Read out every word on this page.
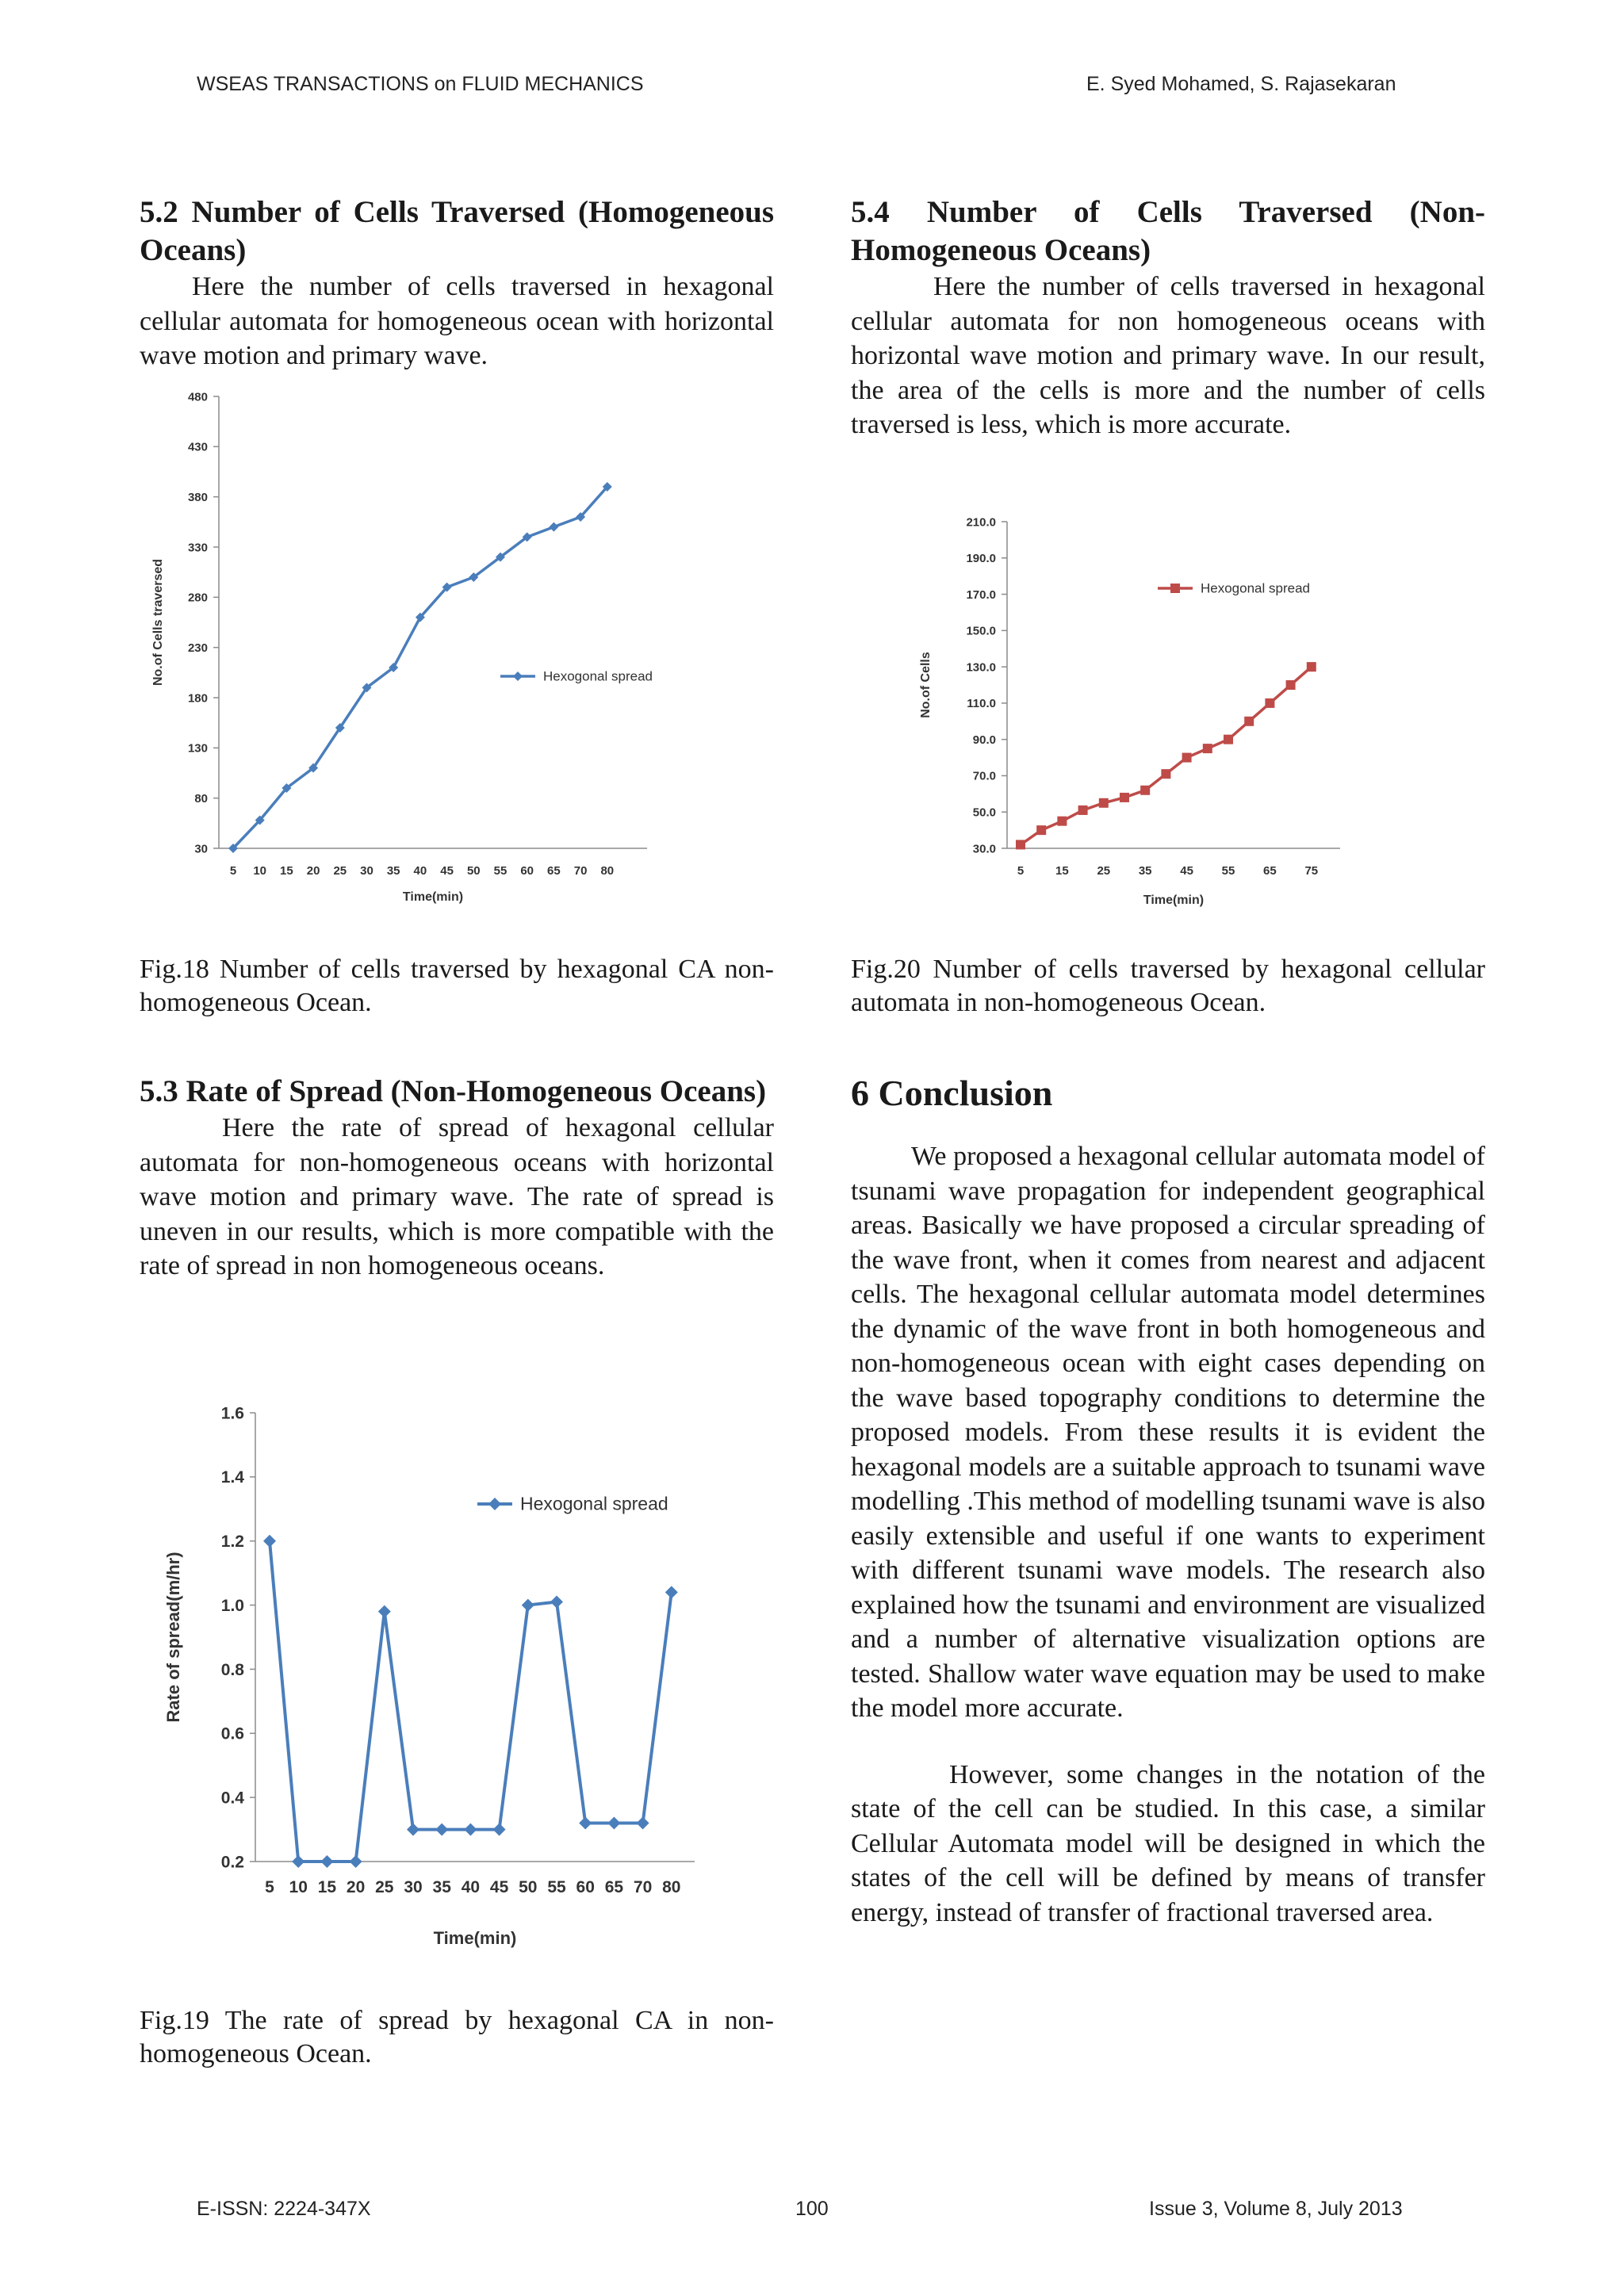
WSEAS TRANSACTIONS on FLUID MECHANICS	E. Syed Mohamed, S. Rajasekaran
5.2 Number of Cells Traversed (Homogeneous Oceans)

Here the number of cells traversed in hexagonal cellular automata for homogeneous ocean with horizontal wave motion and primary wave.

30
80
130
180
230
280
330
380
430
480
5 10 15 20 25 30 35 40 45 50 55 60 65 70 80
Time(min)
No.of Cells traversed	Hexogonal spread

Fig.18 Number of cells traversed by hexagonal CA non- homogeneous Ocean.

5.3 Rate of Spread (Non-Homogeneous Oceans)

Here the rate of spread of hexagonal cellular automata for non-homogeneous oceans with horizontal wave motion and primary wave. The rate of spread is uneven in our results, which is more compatible with the rate of spread in non homogeneous oceans.

0.2
0.4
0.6
0.8
1.0
1.2
1.4
1.6
5 10 15 20 25 30 35 40 45 50 55 60 65 70 80
Time(min)
Rate of spread(m/hr)
Hexogonal spread

Fig.19 The rate of spread by hexagonal CA in non-homogeneous Ocean.

5.4 Number of Cells Traversed (Non-Homogeneous Oceans)

Here the number of cells traversed in hexagonal cellular automata for non homogeneous oceans with horizontal wave motion and primary wave. In our result, the area of the cells is more and the number of cells traversed is less, which is more accurate.

30.0
50.0
70.0
90.0
110.0
130.0
150.0
170.0
190.0
210.0
5	15 25 35 45 55 65 75
Time(min)
No.of Cells
Hexogonal spread

Fig.20 Number of cells traversed by hexagonal cellular automata in non-homogeneous Ocean.

6 Conclusion

We proposed a hexagonal cellular automata model of tsunami wave propagation for independent geographical areas. Basically we have proposed a circular spreading of the wave front, when it comes from nearest and adjacent cells. The hexagonal cellular automata model determines the dynamic of the wave front in both homogeneous and non-homogeneous ocean with eight cases depending on the wave based topography conditions to determine the proposed models. From these results it is evident the hexagonal models are a suitable approach to tsunami wave modelling .This method of modelling tsunami wave is also easily extensible and useful if one wants to experiment with different tsunami wave models. The research also explained how the tsunami and environment are visualized and a number of alternative visualization options are tested. Shallow water wave equation may be used to make the model more accurate.

However, some changes in the notation of the state of the cell can be studied. In this case, a similar Cellular Automata model will be designed in which the states of the cell will be defined by means of transfer energy, instead of transfer of fractional traversed area.

E-ISSN: 2224-347X	100	Issue 3, Volume 8, July 2013
